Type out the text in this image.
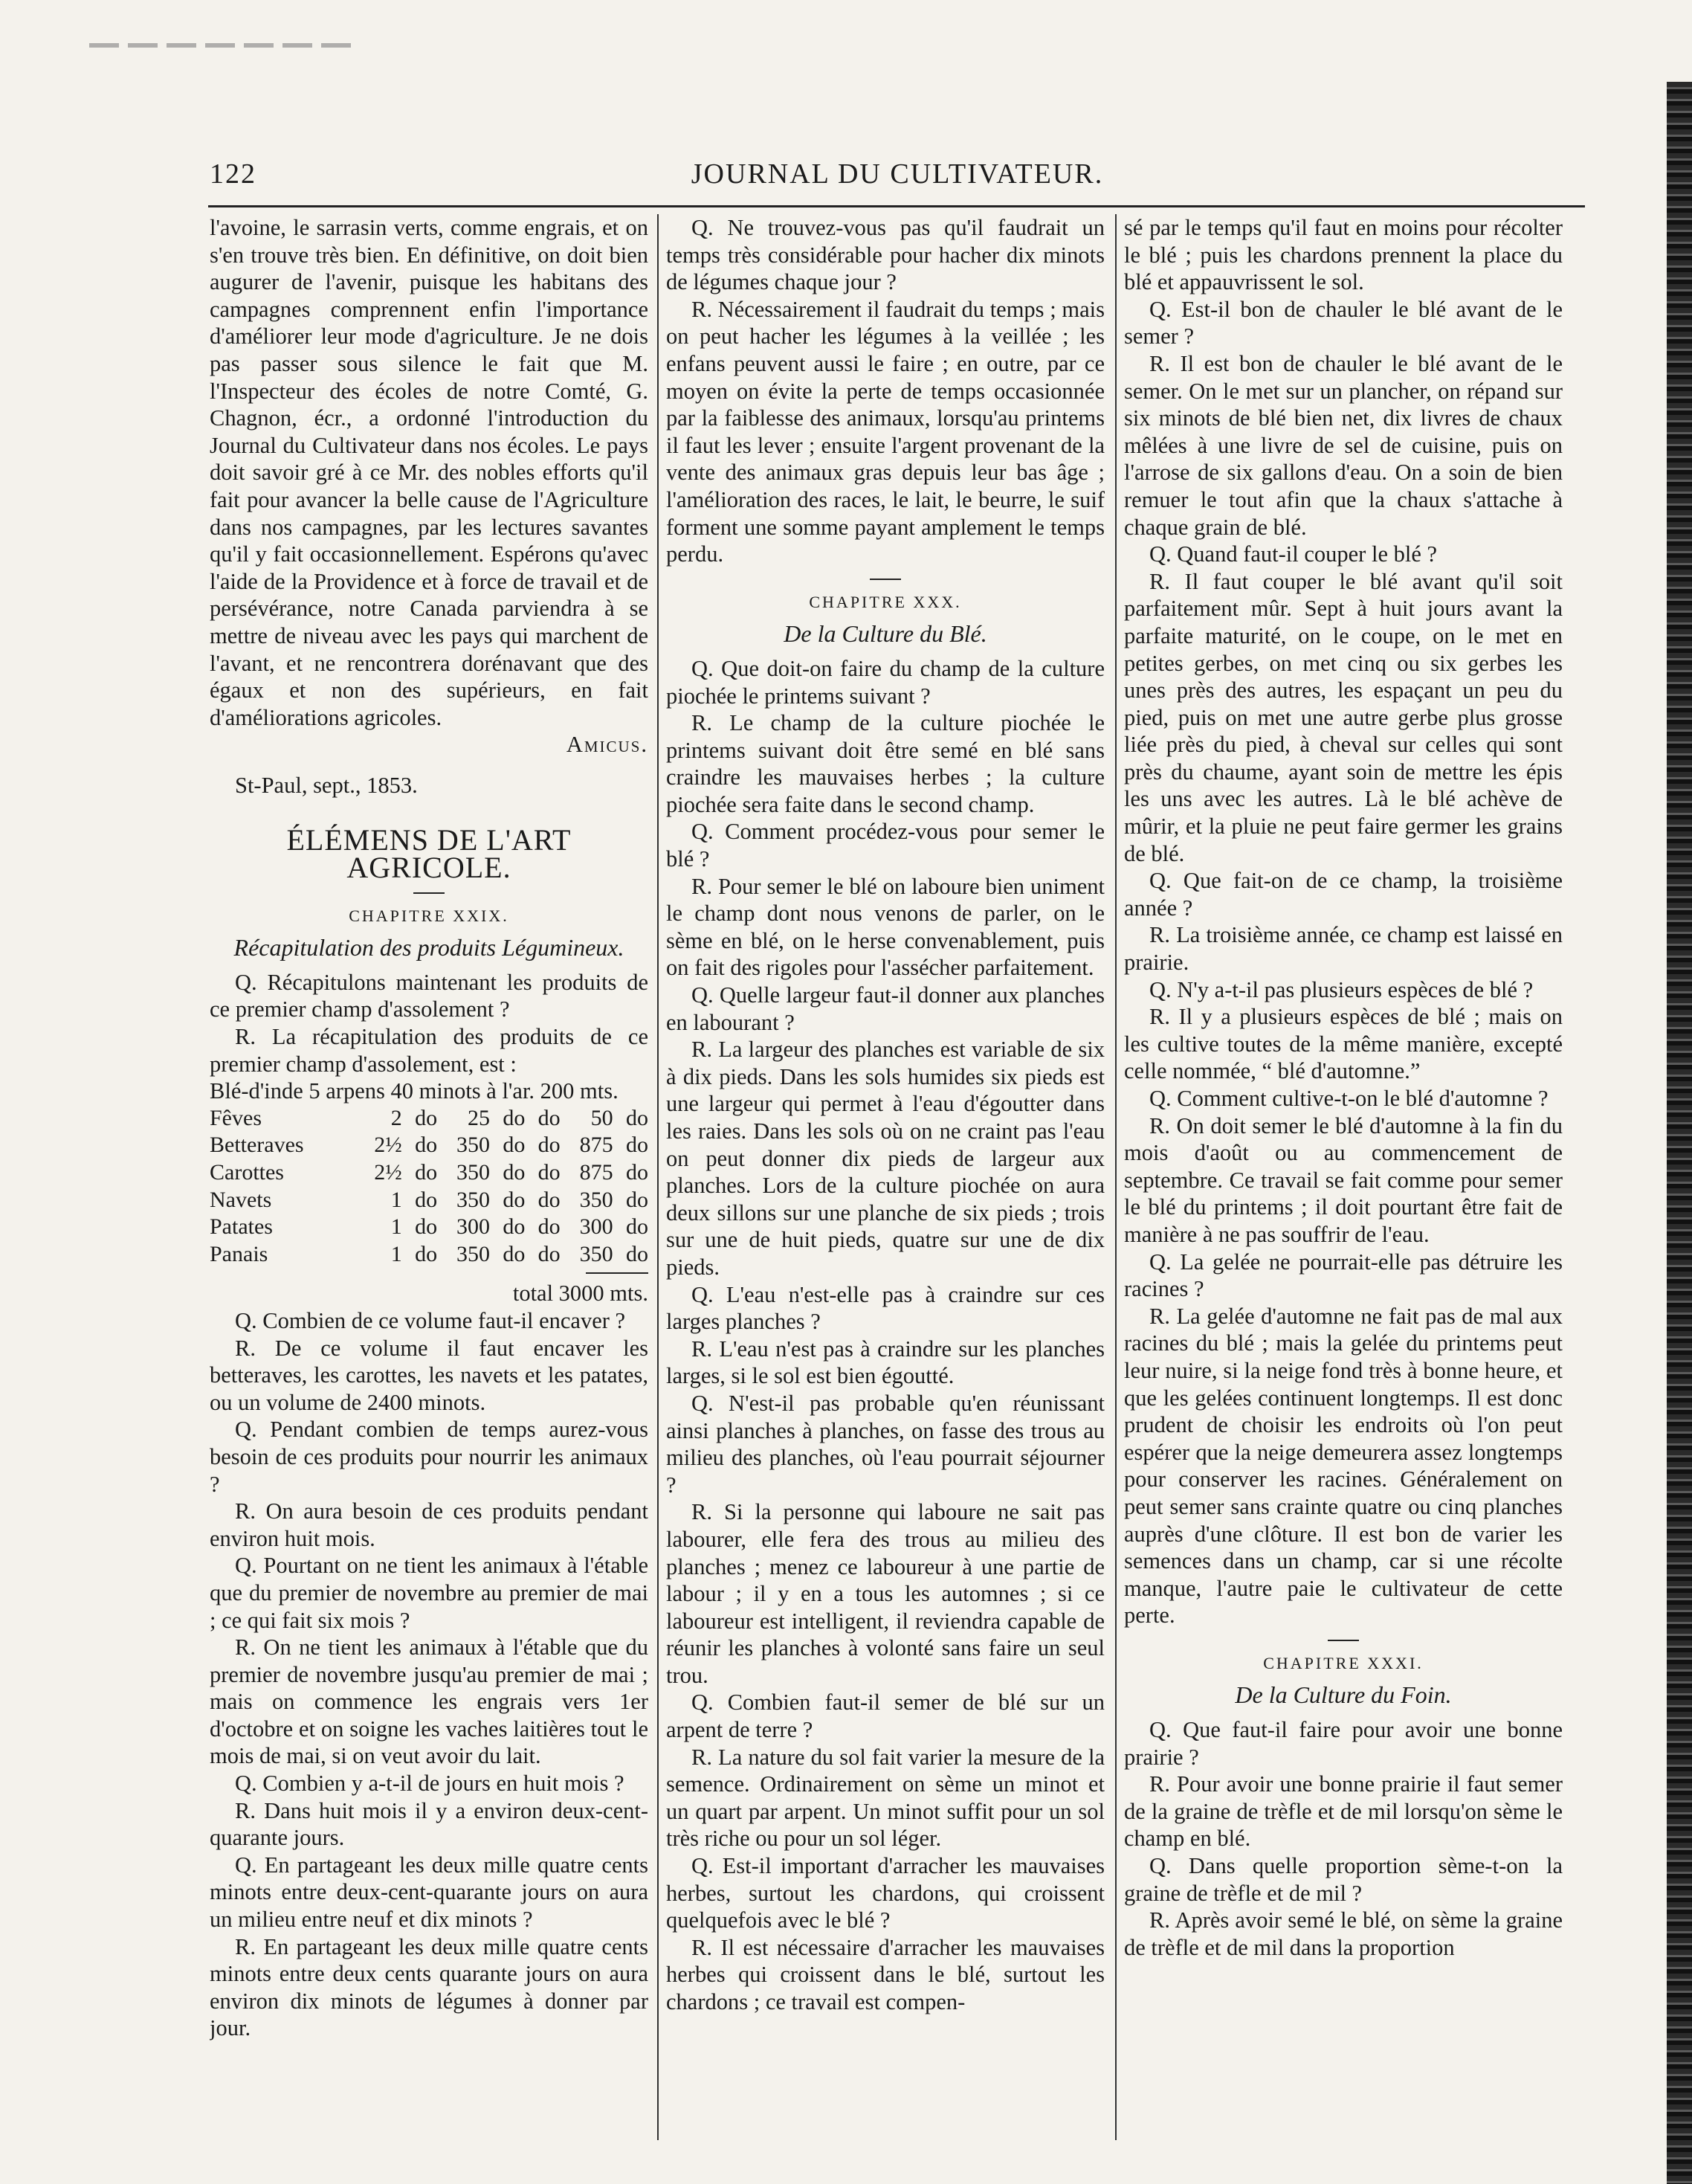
122	JOURNAL DU CULTIVATEUR.

l'avoine, le sarrasin verts, comme engrais, et on s'en trouve très bien. En définitive, on doit bien augurer de l'avenir, puisque les habitans des campagnes comprennent enfin l'importance d'améliorer leur mode d'agriculture. Je ne dois pas passer sous silence le fait que M. l'Inspecteur des écoles de notre Comté, G. Chagnon, écr., a ordonné l'introduction du Journal du Cultivateur dans nos écoles. Le pays doit savoir gré à ce Mr. des nobles efforts qu'il fait pour avancer la belle cause de l'Agriculture dans nos campagnes, par les lectures savantes qu'il y fait occasionnellement. Espérons qu'avec l'aide de la Providence et à force de travail et de persévérance, notre Canada parviendra à se mettre de niveau avec les pays qui marchent de l'avant, et ne rencontrera dorénavant que des égaux et non des supérieurs, en fait d'améliorations agricoles.

Amicus.

St-Paul, sept., 1853.

ÉLÉMENS DE L'ART AGRICOLE.

CHAPITRE XXIX.

Récapitulation des produits Légumineux.

Q. Récapitulons maintenant les produits de ce premier champ d'assolement ?

R. La récapitulation des produits de ce premier champ d'assolement, est :

Blé-d'inde 5 arpens 40 minots à l'ar. 200 mts.

Fêves	2	do	25	do	do	50	do
Betteraves	2½	do	350	do	do	875	do
Carottes	2½	do	350	do	do	875	do
Navets	1	do	350	do	do	350	do
Patates	1	do	300	do	do	300	do
Panais	1	do	350	do	do	350	do
total 3000 mts.

Q. Combien de ce volume faut-il encaver ?

R. De ce volume il faut encaver les betteraves, les carottes, les navets et les patates, ou un volume de 2400 minots.

Q. Pendant combien de temps aurez-vous besoin de ces produits pour nourrir les animaux ?

R. On aura besoin de ces produits pendant environ huit mois.

Q. Pourtant on ne tient les animaux à l'étable que du premier de novembre au premier de mai ; ce qui fait six mois ?

R. On ne tient les animaux à l'étable que du premier de novembre jusqu'au premier de mai ; mais on commence les engrais vers 1er d'octobre et on soigne les vaches laitières tout le mois de mai, si on veut avoir du lait.

Q. Combien y a-t-il de jours en huit mois ?

R. Dans huit mois il y a environ deux-cent-quarante jours.

Q. En partageant les deux mille quatre cents minots entre deux-cent-quarante jours on aura un milieu entre neuf et dix minots ?

R. En partageant les deux mille quatre cents minots entre deux cents quarante jours on aura environ dix minots de légumes à donner par jour.

Q. Ne trouvez-vous pas qu'il faudrait un temps très considérable pour hacher dix minots de légumes chaque jour ?

R. Nécessairement il faudrait du temps ; mais on peut hacher les légumes à la veillée ; les enfans peuvent aussi le faire ; en outre, par ce moyen on évite la perte de temps occasionnée par la faiblesse des animaux, lorsqu'au printems il faut les lever ; ensuite l'argent provenant de la vente des animaux gras depuis leur bas âge ; l'amélioration des races, le lait, le beurre, le suif forment une somme payant amplement le temps perdu.

CHAPITRE XXX.

De la Culture du Blé.

Q. Que doit-on faire du champ de la culture piochée le printems suivant ?

R. Le champ de la culture piochée le printems suivant doit être semé en blé sans craindre les mauvaises herbes ; la culture piochée sera faite dans le second champ.

Q. Comment procédez-vous pour semer le blé ?

R. Pour semer le blé on laboure bien uniment le champ dont nous venons de parler, on le sème en blé, on le herse convenablement, puis on fait des rigoles pour l'assécher parfaitement.

Q. Quelle largeur faut-il donner aux planches en labourant ?

R. La largeur des planches est variable de six à dix pieds. Dans les sols humides six pieds est une largeur qui permet à l'eau d'égoutter dans les raies. Dans les sols où on ne craint pas l'eau on peut donner dix pieds de largeur aux planches. Lors de la culture piochée on aura deux sillons sur une planche de six pieds ; trois sur une de huit pieds, quatre sur une de dix pieds.

Q. L'eau n'est-elle pas à craindre sur ces larges planches ?

R. L'eau n'est pas à craindre sur les planches larges, si le sol est bien égoutté.

Q. N'est-il pas probable qu'en réunissant ainsi planches à planches, on fasse des trous au milieu des planches, où l'eau pourrait séjourner ?

R. Si la personne qui laboure ne sait pas labourer, elle fera des trous au milieu des planches ; menez ce laboureur à une partie de labour ; il y en a tous les automnes ; si ce laboureur est intelligent, il reviendra capable de réunir les planches à volonté sans faire un seul trou.

Q. Combien faut-il semer de blé sur un arpent de terre ?

R. La nature du sol fait varier la mesure de la semence. Ordinairement on sème un minot et un quart par arpent. Un minot suffit pour un sol très riche ou pour un sol léger.

Q. Est-il important d'arracher les mauvaises herbes, surtout les chardons, qui croissent quelquefois avec le blé ?

R. Il est nécessaire d'arracher les mauvaises herbes qui croissent dans le blé, surtout les chardons ; ce travail est compen-

sé par le temps qu'il faut en moins pour récolter le blé ; puis les chardons prennent la place du blé et appauvrissent le sol.

Q. Est-il bon de chauler le blé avant de le semer ?

R. Il est bon de chauler le blé avant de le semer. On le met sur un plancher, on répand sur six minots de blé bien net, dix livres de chaux mêlées à une livre de sel de cuisine, puis on l'arrose de six gallons d'eau. On a soin de bien remuer le tout afin que la chaux s'attache à chaque grain de blé.

Q. Quand faut-il couper le blé ?

R. Il faut couper le blé avant qu'il soit parfaitement mûr. Sept à huit jours avant la parfaite maturité, on le coupe, on le met en petites gerbes, on met cinq ou six gerbes les unes près des autres, les espaçant un peu du pied, puis on met une autre gerbe plus grosse liée près du pied, à cheval sur celles qui sont près du chaume, ayant soin de mettre les épis les uns avec les autres. Là le blé achève de mûrir, et la pluie ne peut faire germer les grains de blé.

Q. Que fait-on de ce champ, la troisième année ?

R. La troisième année, ce champ est laissé en prairie.

Q. N'y a-t-il pas plusieurs espèces de blé ?

R. Il y a plusieurs espèces de blé ; mais on les cultive toutes de la même manière, excepté celle nommée, “ blé d'automne.”

Q. Comment cultive-t-on le blé d'automne ?

R. On doit semer le blé d'automne à la fin du mois d'août ou au commencement de septembre. Ce travail se fait comme pour semer le blé du printems ; il doit pourtant être fait de manière à ne pas souffrir de l'eau.

Q. La gelée ne pourrait-elle pas détruire les racines ?

R. La gelée d'automne ne fait pas de mal aux racines du blé ; mais la gelée du printems peut leur nuire, si la neige fond très à bonne heure, et que les gelées continuent longtemps. Il est donc prudent de choisir les endroits où l'on peut espérer que la neige demeurera assez longtemps pour conserver les racines. Généralement on peut semer sans crainte quatre ou cinq planches auprès d'une clôture. Il est bon de varier les semences dans un champ, car si une récolte manque, l'autre paie le cultivateur de cette perte.

CHAPITRE XXXI.

De la Culture du Foin.

Q. Que faut-il faire pour avoir une bonne prairie ?

R. Pour avoir une bonne prairie il faut semer de la graine de trèfle et de mil lorsqu'on sème le champ en blé.

Q. Dans quelle proportion sème-t-on la graine de trèfle et de mil ?

R. Après avoir semé le blé, on sème la graine de trèfle et de mil dans la proportion
